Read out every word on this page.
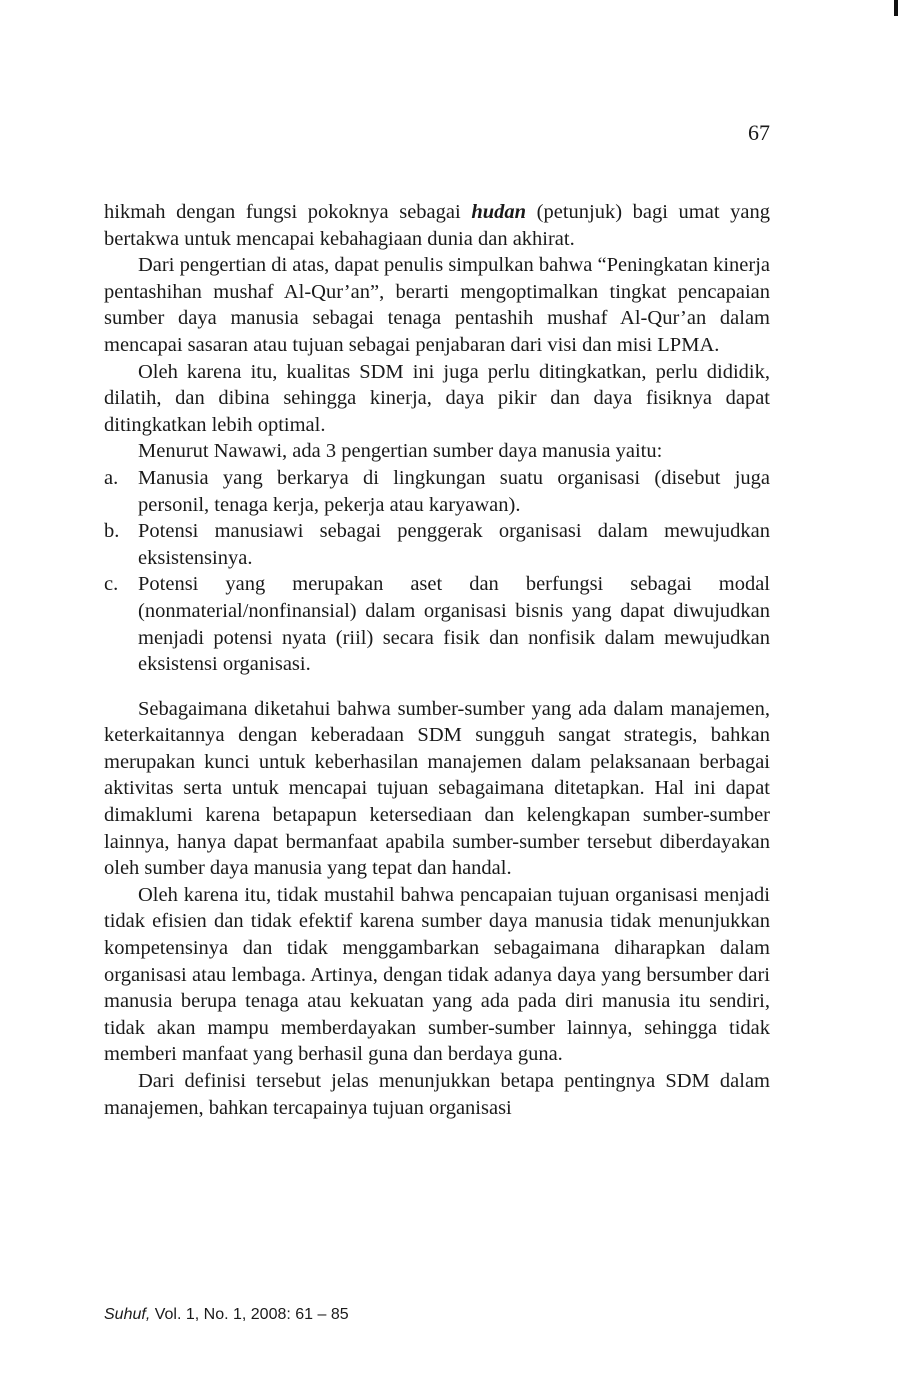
67

hikmah dengan fungsi pokoknya sebagai hudan (petunjuk) bagi umat yang bertakwa untuk mencapai kebahagiaan dunia dan akhirat.

Dari pengertian di atas, dapat penulis simpulkan bahwa “Peningkatan kinerja pentashihan mushaf Al-Qur’an”, berarti mengoptimalkan tingkat pencapaian sumber daya manusia sebagai tenaga pentashih mushaf Al-Qur’an dalam mencapai sasaran atau tujuan sebagai penjabaran dari visi dan misi LPMA.

Oleh karena itu, kualitas SDM ini juga perlu ditingkatkan, perlu dididik, dilatih, dan dibina sehingga kinerja, daya pikir dan daya fisiknya dapat ditingkatkan lebih optimal.

Menurut Nawawi, ada 3 pengertian sumber daya manusia yaitu:

a. Manusia yang berkarya di lingkungan suatu organisasi (disebut juga personil, tenaga kerja, pekerja atau karyawan).
b. Potensi manusiawi sebagai penggerak organisasi dalam mewujudkan eksistensinya.
c. Potensi yang merupakan aset dan berfungsi sebagai modal (nonmaterial/nonfinansial) dalam organisasi bisnis yang dapat diwujudkan menjadi potensi nyata (riil) secara fisik dan nonfisik dalam mewujudkan eksistensi organisasi.

Sebagaimana diketahui bahwa sumber-sumber yang ada dalam manajemen, keterkaitannya dengan keberadaan SDM sungguh sangat strategis, bahkan merupakan kunci untuk keberhasilan manajemen dalam pelaksanaan berbagai aktivitas serta untuk mencapai tujuan sebagaimana ditetapkan. Hal ini dapat dimaklumi karena betapapun ketersediaan dan kelengkapan sumber-sumber lainnya, hanya dapat bermanfaat apabila sumber-sumber tersebut diberdayakan oleh sumber daya manusia yang tepat dan handal.

Oleh karena itu, tidak mustahil bahwa pencapaian tujuan organisasi menjadi tidak efisien dan tidak efektif karena sumber daya manusia tidak menunjukkan kompetensinya dan tidak menggambarkan sebagaimana diharapkan dalam organisasi atau lembaga. Artinya, dengan tidak adanya daya yang bersumber dari manusia berupa tenaga atau kekuatan yang ada pada diri manusia itu sendiri, tidak akan mampu memberdayakan sumber-sumber lainnya, sehingga tidak memberi manfaat yang berhasil guna dan berdaya guna.

Dari definisi tersebut jelas menunjukkan betapa pentingnya SDM dalam manajemen, bahkan tercapainya tujuan organisasi

Suhuf, Vol. 1, No. 1, 2008: 61 – 85
